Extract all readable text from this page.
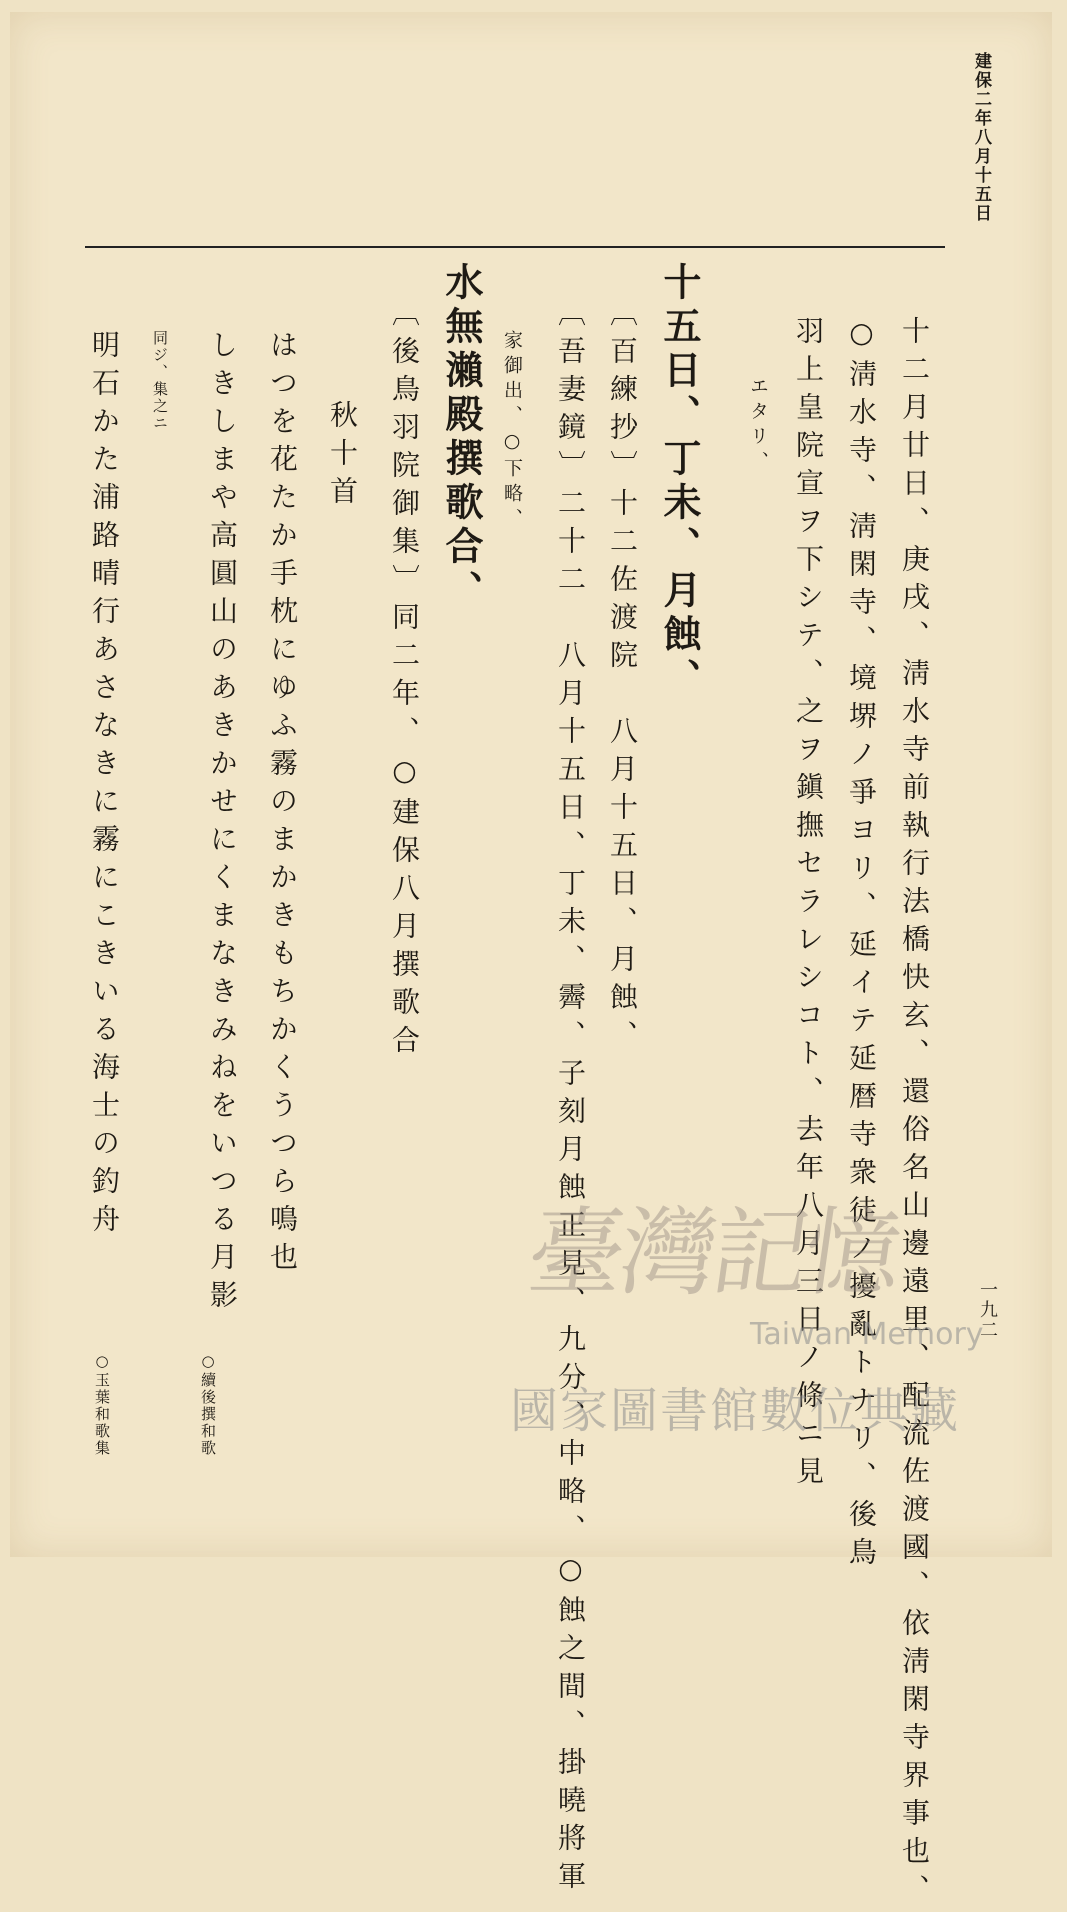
建保二年八月十五日
一九二
十二月廿日、庚戌、淸水寺前執行法橋快玄、還俗名山邊遠里、配流佐渡國、依淸閑寺界事也、
○淸水寺、淸閑寺、境堺ノ爭ヨリ、延イテ延暦寺衆徒ノ擾亂トナリ、後鳥
羽上皇院宣ヲ下シテ、之ヲ鎭撫セラレシコト、去年八月三日ノ條ニ見
エタリ、
十五日、丁未、月蝕、
〔百練抄〕十二佐渡院　八月十五日、月蝕、
〔吾妻鏡〕二十二　八月十五日、丁未、霽、子刻月蝕正見、九分、中略、○蝕之間、掛曉將軍
家御出、○下略、
水無瀨殿撰歌合、
〔後鳥羽院御集〕同二年、○建保八月撰歌合
秋十首
はつを花たか手枕にゆふ霧のまかきもちかくうつら鳴也
しきしまや高圓山のあきかせにくまなきみねをいつる月影
同ジ、集之ニ
明石かた浦路晴行あさなきに霧にこきいる海士の釣舟
○續後撰和歌
○玉葉和歌集
臺灣記憶
Taiwan Memory
國家圖書館數位典藏
